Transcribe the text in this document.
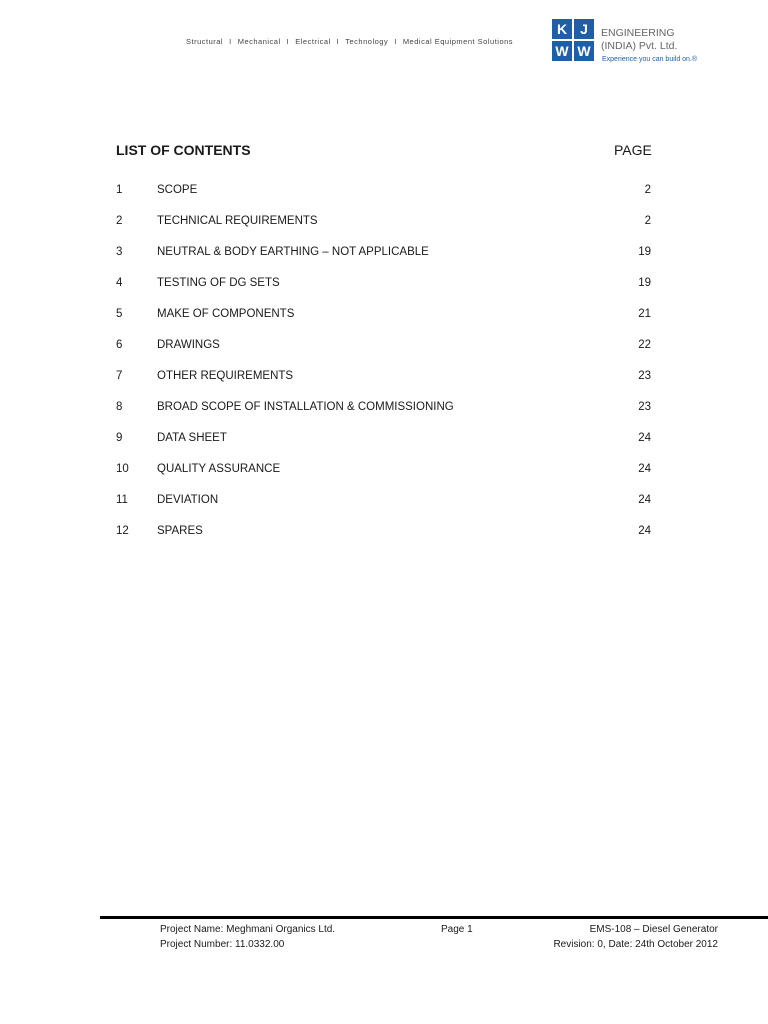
Structural I Mechanical I Electrical I Technology I Medical Equipment Solutions
K J
W W
ENGINEERING
(INDIA) Pvt. Ltd.
Experience you can build on.®
LIST OF CONTENTS	PAGE
1	SCOPE	2
2	TECHNICAL REQUIREMENTS	2
3	NEUTRAL & BODY EARTHING – NOT APPLICABLE	19
4	TESTING OF DG SETS	19
5	MAKE OF COMPONENTS	21
6	DRAWINGS	22
7	OTHER REQUIREMENTS	23
8	BROAD SCOPE OF INSTALLATION & COMMISSIONING	23
9	DATA SHEET	24
10 QUALITY ASSURANCE	24
11	DEVIATION	24
12 SPARES	24
Project Name: Meghmani Organics Ltd.
Project Number: 11.0332.00
Page 1	EMS-108 – Diesel Generator
Revision: 0, Date: 24th October 2012
